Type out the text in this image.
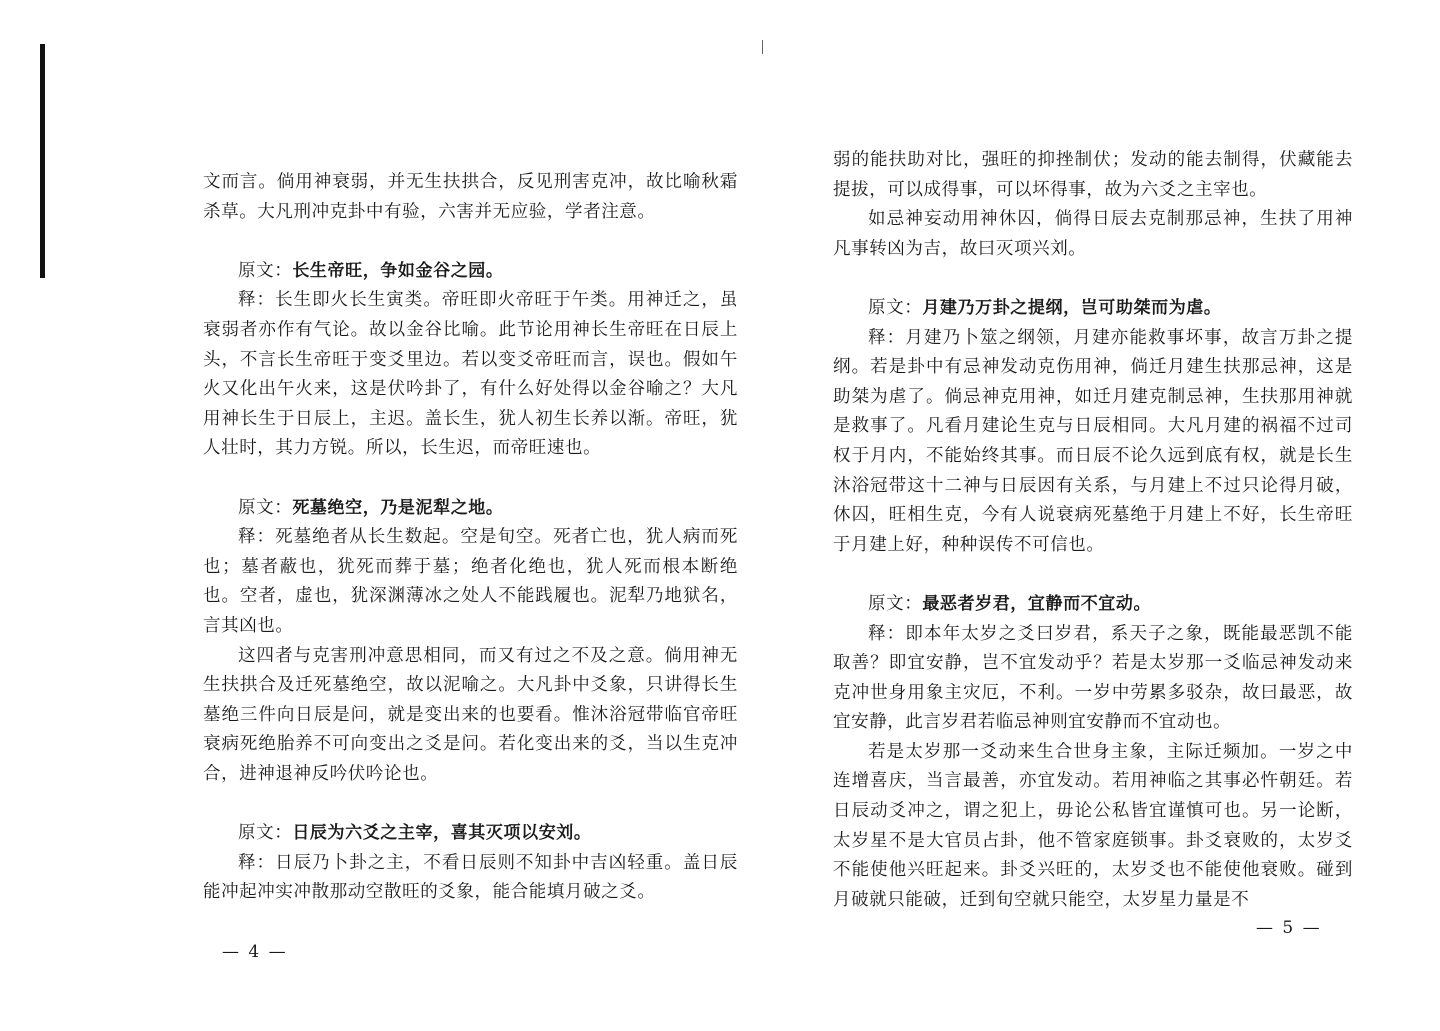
文而言。倘用神衰弱，并无生扶拱合，反见刑害克冲，故比喻秋霜杀草。大凡刑冲克卦中有验，六害并无应验，学者注意。

原文：长生帝旺，争如金谷之园。

释：长生即火长生寅类。帝旺即火帝旺于午类。用神迁之，虽衰弱者亦作有气论。故以金谷比喻。此节论用神长生帝旺在日辰上头，不言长生帝旺于变爻里边。若以变爻帝旺而言，误也。假如午火又化出午火来，这是伏吟卦了，有什么好处得以金谷喻之？大凡用神长生于日辰上，主迟。盖长生，犹人初生长养以渐。帝旺，犹人壮时，其力方锐。所以，长生迟，而帝旺速也。

原文：死墓绝空，乃是泥犁之地。

释：死墓绝者从长生数起。空是旬空。死者亡也，犹人病而死也；墓者蔽也，犹死而葬于墓；绝者化绝也，犹人死而根本断绝也。空者，虚也，犹深渊薄冰之处人不能践履也。泥犁乃地狱名，言其凶也。

这四者与克害刑冲意思相同，而又有过之不及之意。倘用神无生扶拱合及迁死墓绝空，故以泥喻之。大凡卦中爻象，只讲得长生墓绝三件向日辰是问，就是变出来的也要看。惟沐浴冠带临官帝旺衰病死绝胎养不可向变出之爻是问。若化变出来的爻，当以生克冲合，进神退神反吟伏吟论也。

原文：日辰为六爻之主宰，喜其灭项以安刘。

释：日辰乃卜卦之主，不看日辰则不知卦中吉凶轻重。盖日辰能冲起冲实冲散那动空散旺的爻象，能合能填月破之爻。

— 4 —

弱的能扶助对比，强旺的抑挫制伏；发动的能去制得，伏藏能去提拔，可以成得事，可以坏得事，故为六爻之主宰也。

如忌神妄动用神休囚，倘得日辰去克制那忌神，生扶了用神凡事转凶为吉，故曰灭项兴刘。

原文：月建乃万卦之提纲，岂可助桀而为虐。

释：月建乃卜筮之纲领，月建亦能救事坏事，故言万卦之提纲。若是卦中有忌神发动克伤用神，倘迁月建生扶那忌神，这是助桀为虐了。倘忌神克用神，如迁月建克制忌神，生扶那用神就是救事了。凡看月建论生克与日辰相同。大凡月建的祸福不过司权于月内，不能始终其事。而日辰不论久远到底有权，就是长生沐浴冠带这十二神与日辰因有关系，与月建上不过只论得月破，休囚，旺相生克，今有人说衰病死墓绝于月建上不好，长生帝旺于月建上好，种种误传不可信也。

原文：最恶者岁君，宜静而不宜动。

释：即本年太岁之爻曰岁君，系天子之象，既能最恶凯不能取善？即宜安静，岂不宜发动乎？若是太岁那一爻临忌神发动来克冲世身用象主灾厄，不利。一岁中劳累多驳杂，故曰最恶，故宜安静，此言岁君若临忌神则宜安静而不宜动也。

若是太岁那一爻动来生合世身主象，主际迁频加。一岁之中连增喜庆，当言最善，亦宜发动。若用神临之其事必忤朝廷。若日辰动爻冲之，谓之犯上，毋论公私皆宜谨慎可也。另一论断，太岁星不是大官员占卦，他不管家庭锁事。卦爻衰败的，太岁爻不能使他兴旺起来。卦爻兴旺的，太岁爻也不能使他衰败。碰到月破就只能破，迁到旬空就只能空，太岁星力量是不

— 5 —
